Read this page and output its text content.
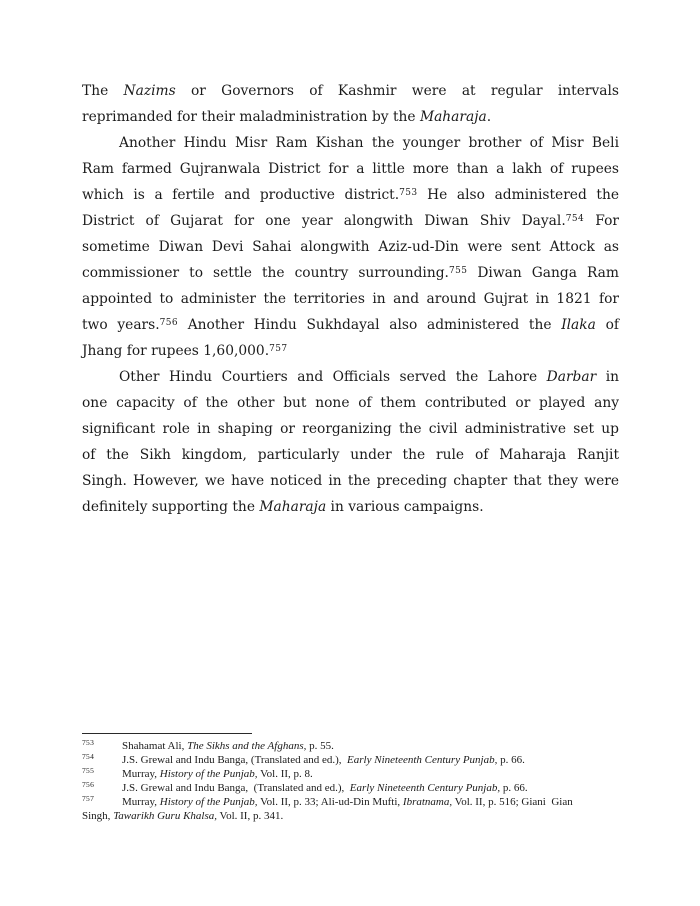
The Nazims or Governors of Kashmir were at regular intervals
reprimanded for their maladministration by the Maharaja.
Another Hindu Misr Ram Kishan the younger brother of Misr Beli
Ram farmed Gujranwala District for a little more than a lakh of rupees
which is a fertile and productive district.$^{753}$ He also administered the
District of Gujarat for one year alongwith Diwan Shiv Dayal.$^{754}$ For
sometime Diwan Devi Sahai alongwith Aziz-ud-Din were sent Attock as
commissioner to settle the country surrounding.$^{755}$ Diwan Ganga Ram
appointed to administer the territories in and around Gujrat in 1821 for
two years.$^{756}$ Another Hindu Sukhdayal also administered the Ilaka of
Jhang for rupees 1,60,000.$^{757}$
Other Hindu Courtiers and Officials served the Lahore Darbar in
one capacity of the other but none of them contributed or played any
significant role in shaping or reorganizing the civil administrative set up
of the Sikh kingdom, particularly under the rule of Maharaja Ranjit
Singh. However, we have noticed in the preceding chapter that they were
definitely supporting the Maharaja in various campaigns.
753	Shahamat Ali, The Sikhs and the Afghans, p. 55.
754	J.S. Grewal and Indu Banga, (Translated and ed.),  Early Nineteenth Century Punjab, p. 66.
755	Murray, History of the Punjab, Vol. II, p. 8.
756	J.S. Grewal and Indu Banga,  (Translated and ed.),  Early Nineteenth Century Punjab, p. 66.
757	Murray, History of the Punjab, Vol. II, p. 33; Ali-ud-Din Mufti, Ibratnama, Vol. II, p. 516; Giani  Gian
Singh, Tawarikh Guru Khalsa, Vol. II, p. 341.
